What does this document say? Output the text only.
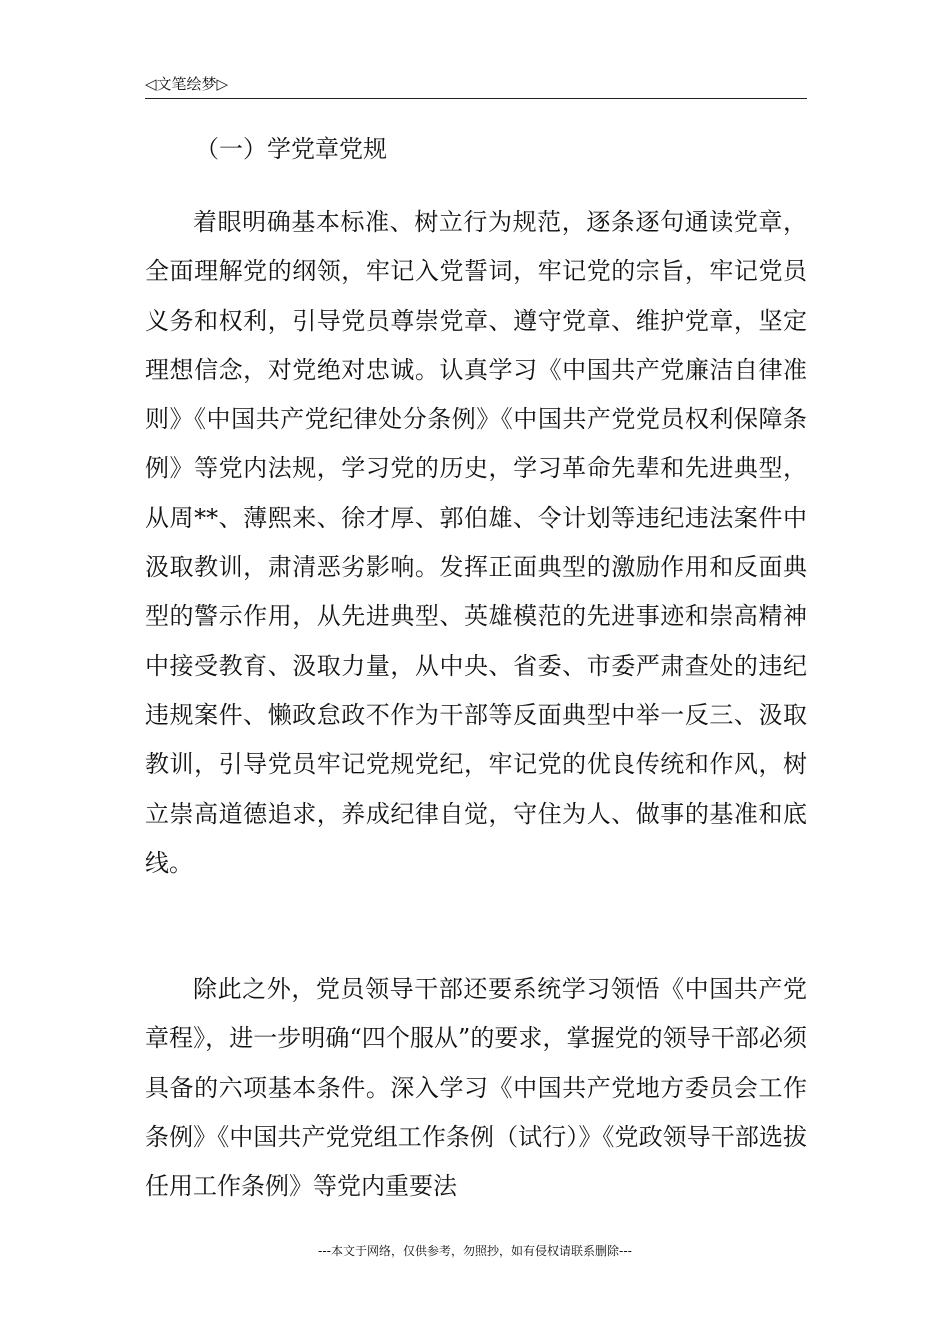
◁文笔绘梦▷
（一）学党章党规

着眼明确基本标准、树立行为规范，逐条逐句通读党章，全面理解党的纲领，牢记入党誓词，牢记党的宗旨，牢记党员义务和权利，引导党员尊崇党章、遵守党章、维护党章，坚定理想信念，对党绝对忠诚。认真学习《中国共产党廉洁自律准则》《中国共产党纪律处分条例》《中国共产党党员权利保障条例》等党内法规，学习党的历史，学习革命先辈和先进典型，从周**、薄熙来、徐才厚、郭伯雄、令计划等违纪违法案件中汲取教训，肃清恶劣影响。发挥正面典型的激励作用和反面典型的警示作用，从先进典型、英雄模范的先进事迹和崇高精神中接受教育、汲取力量，从中央、省委、市委严肃查处的违纪违规案件、懒政怠政不作为干部等反面典型中举一反三、汲取教训，引导党员牢记党规党纪，牢记党的优良传统和作风，树立崇高道德追求，养成纪律自觉，守住为人、做事的基准和底线。

除此之外，党员领导干部还要系统学习领悟《中国共产党章程》，进一步明确“四个服从”的要求，掌握党的领导干部必须具备的六项基本条件。深入学习《中国共产党地方委员会工作条例》《中国共产党党组工作条例（试行）》《党政领导干部选拔任用工作条例》等党内重要法

---本文于网络，仅供参考，勿照抄，如有侵权请联系删除---
